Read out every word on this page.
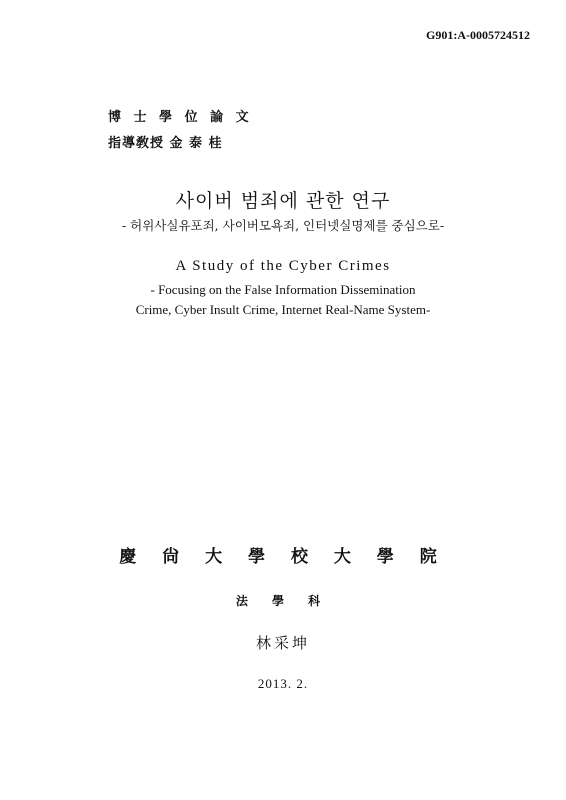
G901:A-0005724512
博 士 學 位 論 文
指導敎授 金 泰 桂
사이버 범죄에 관한 연구
- 허위사실유포죄, 사이버모욕죄, 인터넷실명제를 중심으로-
A Study of the Cyber Crimes
- Focusing on the False Information Dissemination
Crime, Cyber Insult Crime, Internet Real-Name System-
慶 尙 大 學 校 大 學 院
法 學 科
林采坤
2013. 2.
